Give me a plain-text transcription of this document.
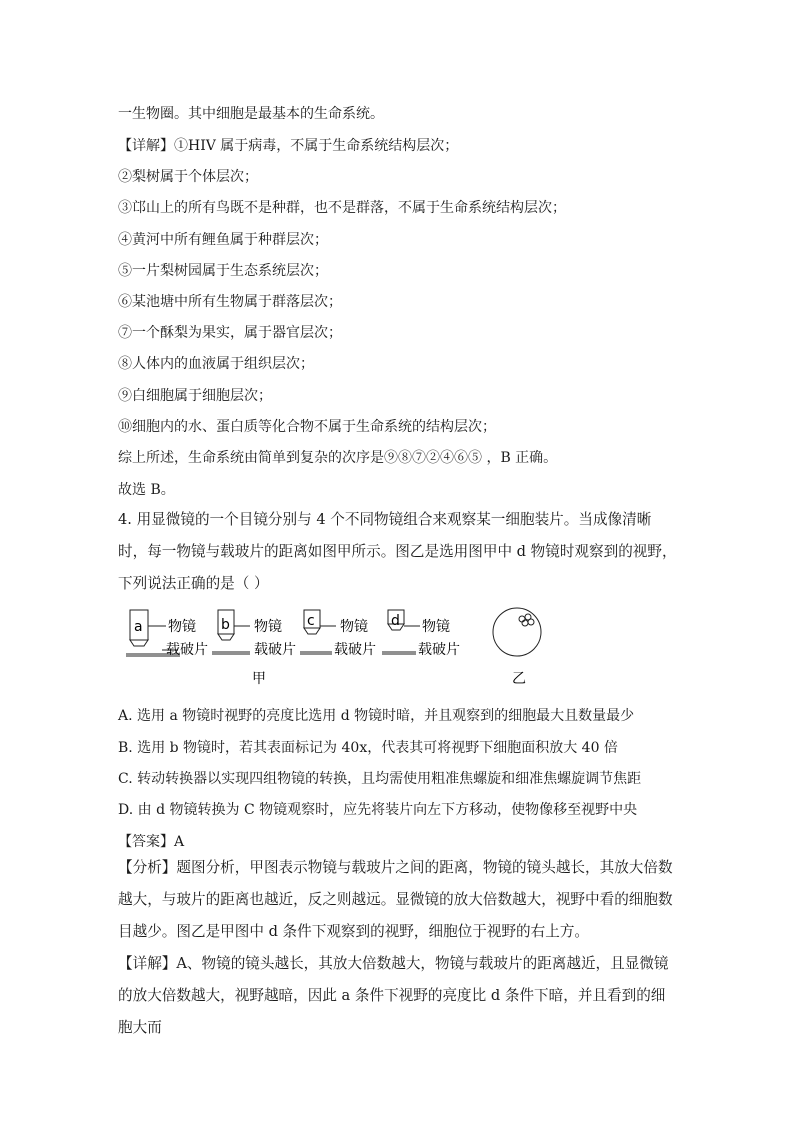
一生物圈。其中细胞是最基本的生命系统。
【详解】①HIV 属于病毒，不属于生命系统结构层次；
②梨树属于个体层次；
③邙山上的所有鸟既不是种群，也不是群落，不属于生命系统结构层次；
④黄河中所有鲤鱼属于种群层次；
⑤一片梨树园属于生态系统层次；
⑥某池塘中所有生物属于群落层次；
⑦一个酥梨为果实，属于器官层次；
⑧人体内的血液属于组织层次；
⑨白细胞属于细胞层次；
⑩细胞内的水、蛋白质等化合物不属于生命系统的结构层次；
综上所述，生命系统由简单到复杂的次序是⑨⑧⑦②④⑥⑤ ，B 正确。
故选 B。
4. 用显微镜的一个目镜分别与 4 个不同物镜组合来观察某一细胞装片。当成像清晰时，每一物镜与载玻片的距离如图甲所示。图乙是选用图甲中 d 物镜时观察到的视野，下列说法正确的是（ ）
a 物镜 b 物镜 c 物镜 d 物镜
载破片	载破片	载破片	载破片
甲	乙
A. 选用 a 物镜时视野的亮度比选用 d 物镜时暗，并且观察到的细胞最大且数量最少
B. 选用 b 物镜时，若其表面标记为 40x，代表其可将视野下细胞面积放大 40 倍
C. 转动转换器以实现四组物镜的转换，且均需使用粗准焦螺旋和细准焦螺旋调节焦距
D. 由 d 物镜转换为 C 物镜观察时，应先将装片向左下方移动，使物像移至视野中央
【答案】A
【分析】题图分析，甲图表示物镜与载玻片之间的距离，物镜的镜头越长，其放大倍数越大，与玻片的距离也越近，反之则越远。显微镜的放大倍数越大，视野中看的细胞数目越少。图乙是甲图中 d 条件下观察到的视野，细胞位于视野的右上方。
【详解】A、物镜的镜头越长，其放大倍数越大，物镜与载玻片的距离越近，且显微镜的放大倍数越大，视野越暗，因此 a 条件下视野的亮度比 d 条件下暗，并且看到的细胞大而
